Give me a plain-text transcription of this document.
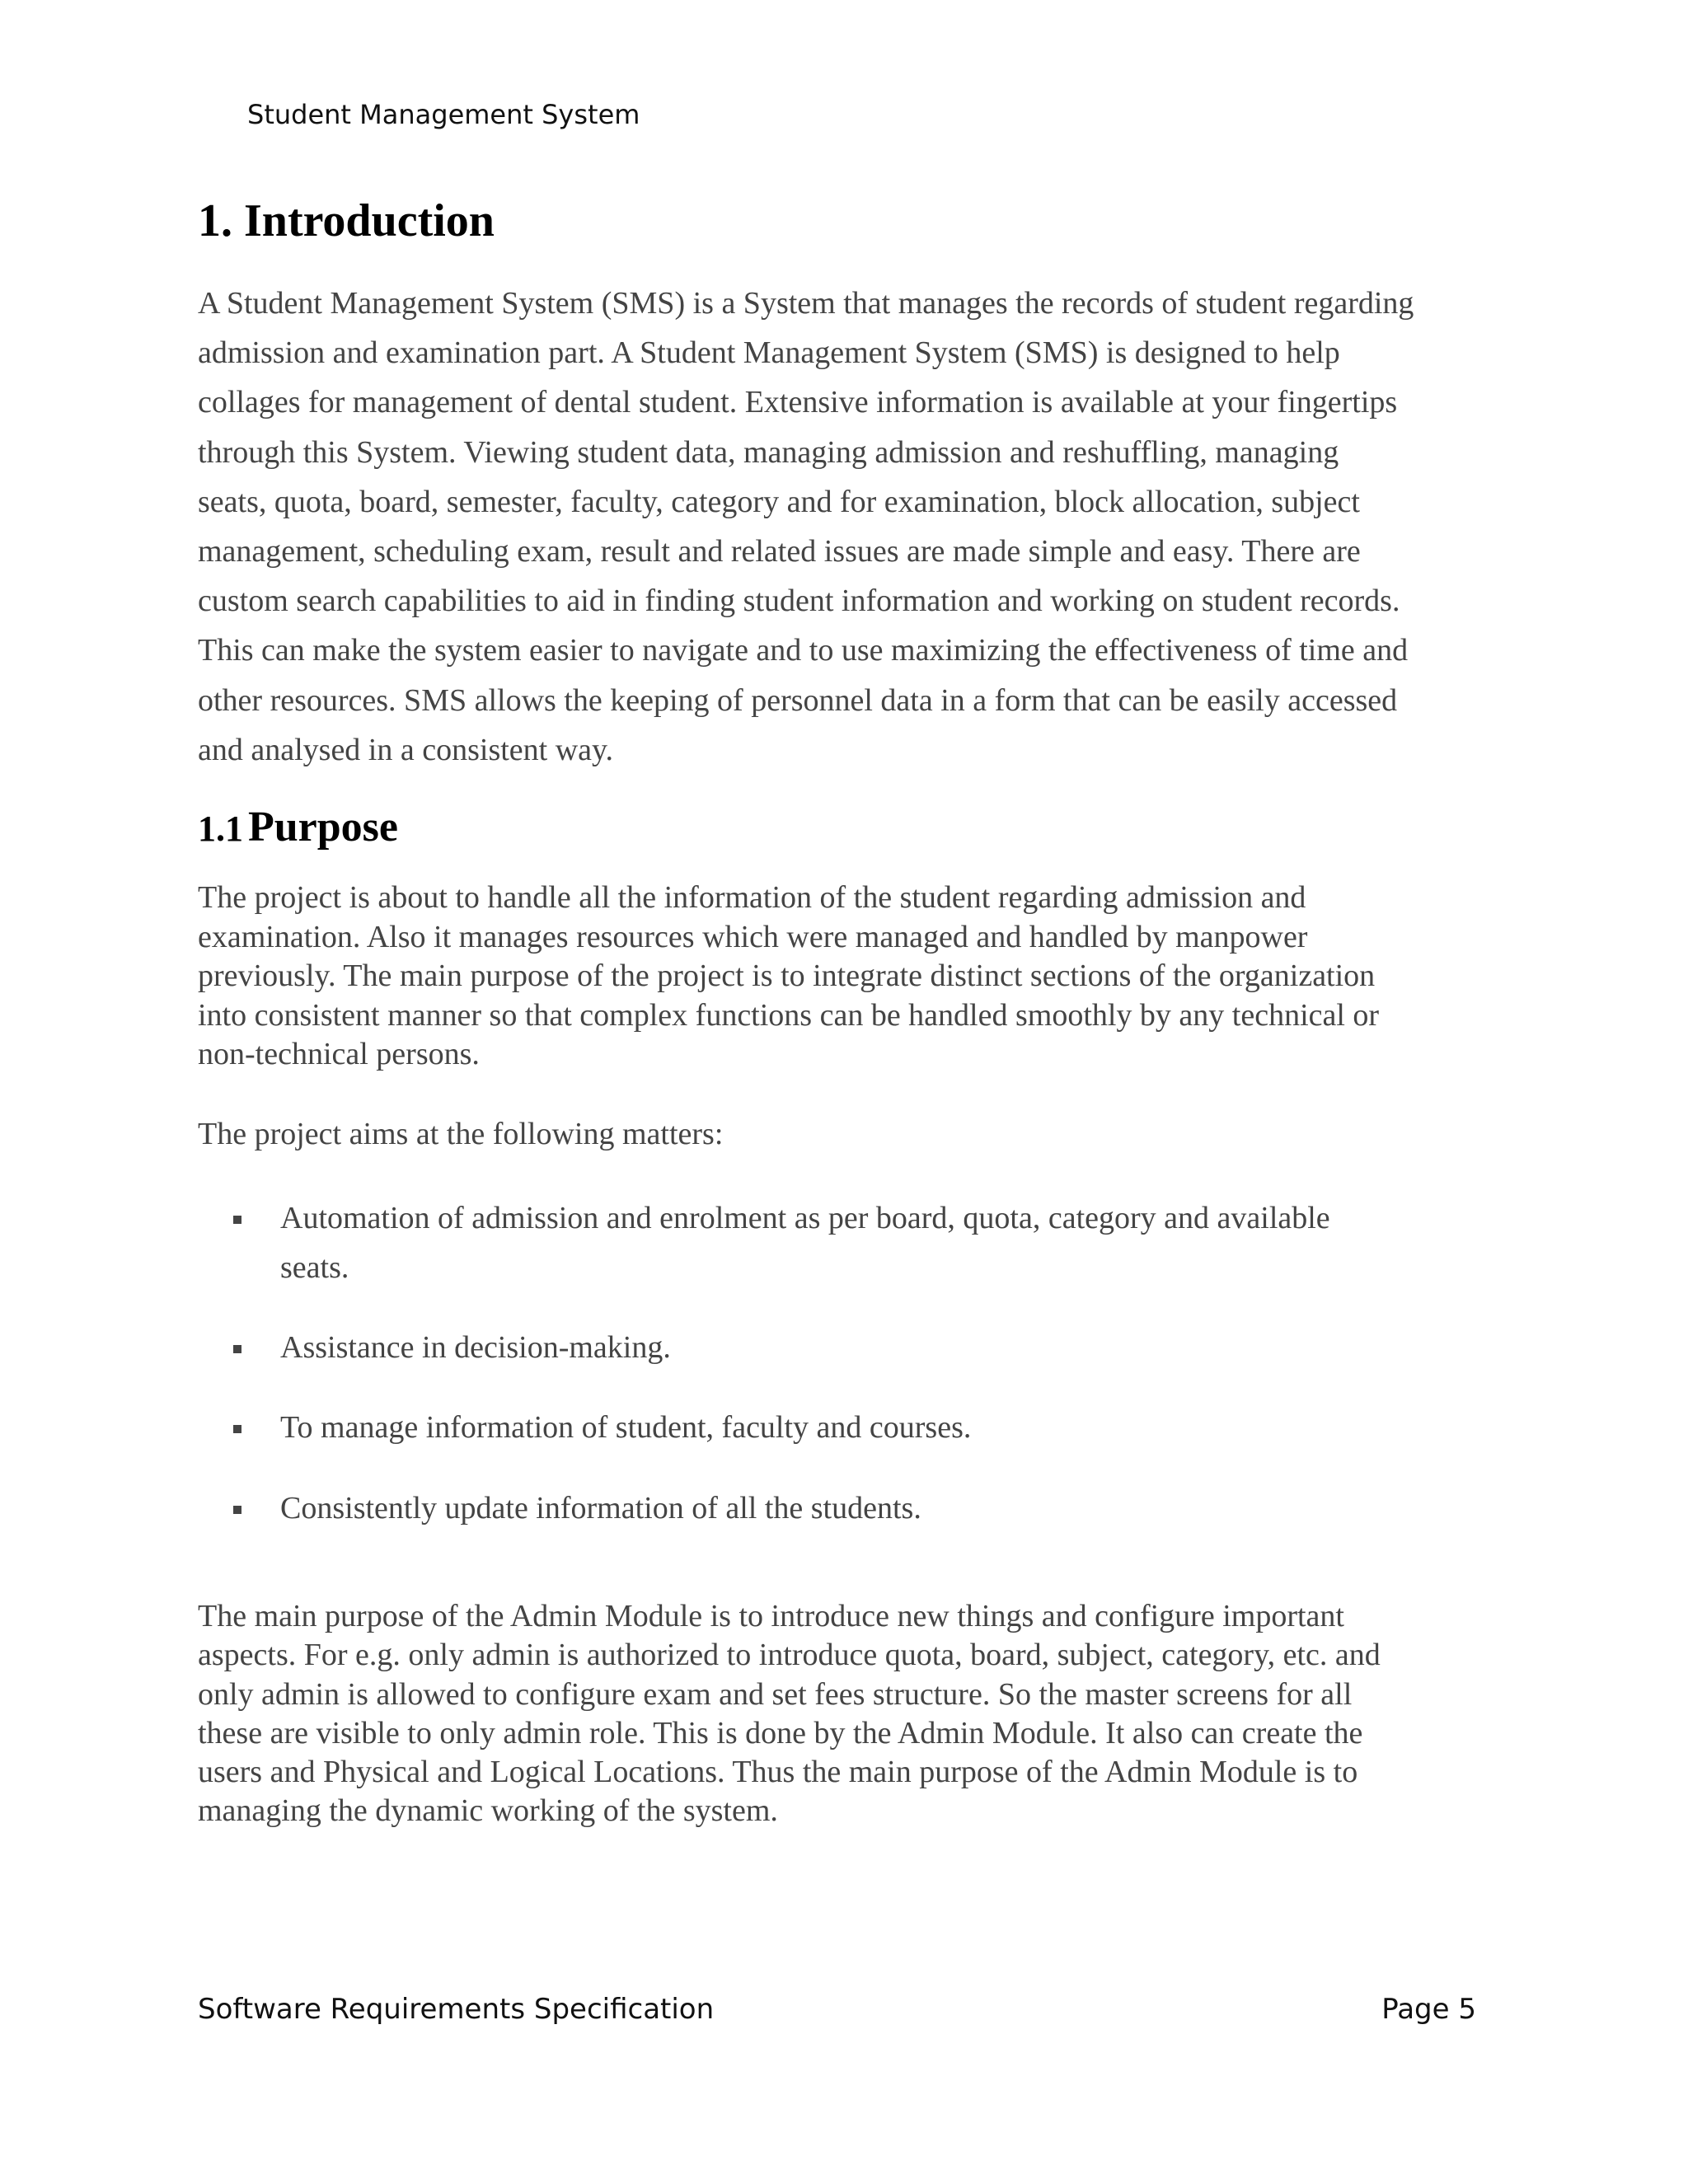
Student Management System
1. Introduction

A Student Management System (SMS) is a System that manages the records of student regarding
admission and examination part. A Student Management System (SMS) is designed to help
collages for management of dental student. Extensive information is available at your fingertips
through this System. Viewing student data, managing admission and reshuffling, managing
seats, quota, board, semester, faculty, category and for examination, block allocation, subject
management, scheduling exam, result and related issues are made simple and easy. There are
custom search capabilities to aid in finding student information and working on student records.
This can make the system easier to navigate and to use maximizing the effectiveness of time and
other resources. SMS allows the keeping of personnel data in a form that can be easily accessed
and analysed in a consistent way.

1.1 Purpose

The project is about to handle all the information of the student regarding admission and
examination. Also it manages resources which were managed and handled by manpower
previously. The main purpose of the project is to integrate distinct sections of the organization
into consistent manner so that complex functions can be handled smoothly by any technical or
non-technical persons.

The project aims at the following matters:

Automation of admission and enrolment as per board, quota, category and available
seats.
Assistance in decision-making.
To manage information of student, faculty and courses.
Consistently update information of all the students.

The main purpose of the Admin Module is to introduce new things and configure important
aspects. For e.g. only admin is authorized to introduce quota, board, subject, category, etc. and
only admin is allowed to configure exam and set fees structure. So the master screens for all
these are visible to only admin role. This is done by the Admin Module. It also can create the
users and Physical and Logical Locations. Thus the main purpose of the Admin Module is to
managing the dynamic working of the system.

Software Requirements Specification	Page 5
